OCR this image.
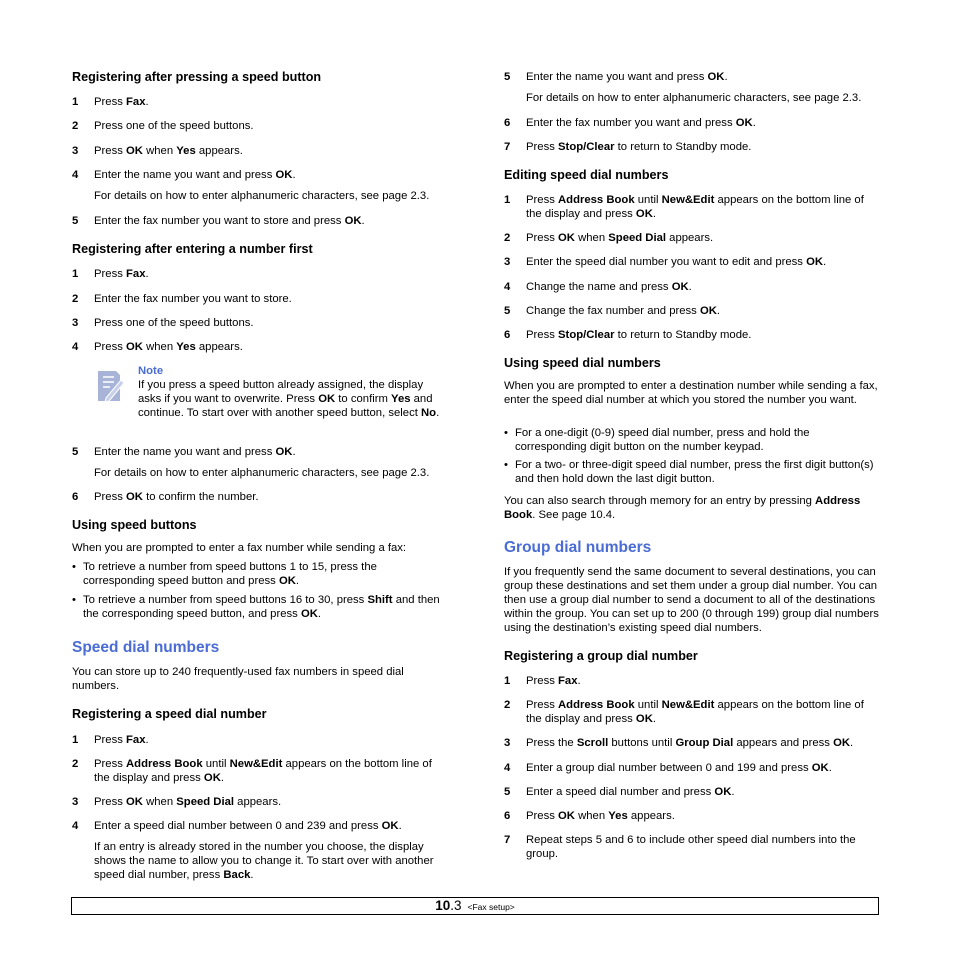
Registering after pressing a speed button
1 Press Fax.
2 Press one of the speed buttons.
3 Press OK when Yes appears.
4 Enter the name you want and press OK.
For details on how to enter alphanumeric characters, see page 2.3.
5 Enter the fax number you want to store and press OK.
Registering after entering a number first
1 Press Fax.
2 Enter the fax number you want to store.
3 Press one of the speed buttons.
4 Press OK when Yes appears.
Note
If you press a speed button already assigned, the display asks if you want to overwrite. Press OK to confirm Yes and continue. To start over with another speed button, select No.
5 Enter the name you want and press OK.
For details on how to enter alphanumeric characters, see page 2.3.
6 Press OK to confirm the number.
Using speed buttons
When you are prompted to enter a fax number while sending a fax:
• To retrieve a number from speed buttons 1 to 15, press the corresponding speed button and press OK.
• To retrieve a number from speed buttons 16 to 30, press Shift and then the corresponding speed button, and press OK.
Speed dial numbers
You can store up to 240 frequently-used fax numbers in speed dial numbers.
Registering a speed dial number
1 Press Fax.
2 Press Address Book until New&Edit appears on the bottom line of the display and press OK.
3 Press OK when Speed Dial appears.
4 Enter a speed dial number between 0 and 239 and press OK.
If an entry is already stored in the number you choose, the display shows the name to allow you to change it. To start over with another speed dial number, press Back.
5 Enter the name you want and press OK.
For details on how to enter alphanumeric characters, see page 2.3.
6 Enter the fax number you want and press OK.
7 Press Stop/Clear to return to Standby mode.
Editing speed dial numbers
1 Press Address Book until New&Edit appears on the bottom line of the display and press OK.
2 Press OK when Speed Dial appears.
3 Enter the speed dial number you want to edit and press OK.
4 Change the name and press OK.
5 Change the fax number and press OK.
6 Press Stop/Clear to return to Standby mode.
Using speed dial numbers
When you are prompted to enter a destination number while sending a fax, enter the speed dial number at which you stored the number you want.
• For a one-digit (0-9) speed dial number, press and hold the corresponding digit button on the number keypad.
• For a two- or three-digit speed dial number, press the first digit button(s) and then hold down the last digit button.
You can also search through memory for an entry by pressing Address Book. See page 10.4.
Group dial numbers
If you frequently send the same document to several destinations, you can group these destinations and set them under a group dial number. You can then use a group dial number to send a document to all of the destinations within the group. You can set up to 200 (0 through 199) group dial numbers using the destination’s existing speed dial numbers.
Registering a group dial number
1 Press Fax.
2 Press Address Book until New&Edit appears on the bottom line of the display and press OK.
3 Press the Scroll buttons until Group Dial appears and press OK.
4 Enter a group dial number between 0 and 199 and press OK.
5 Enter a speed dial number and press OK.
6 Press OK when Yes appears.
7 Repeat steps 5 and 6 to include other speed dial numbers into the group.
10.3 <Fax setup>
